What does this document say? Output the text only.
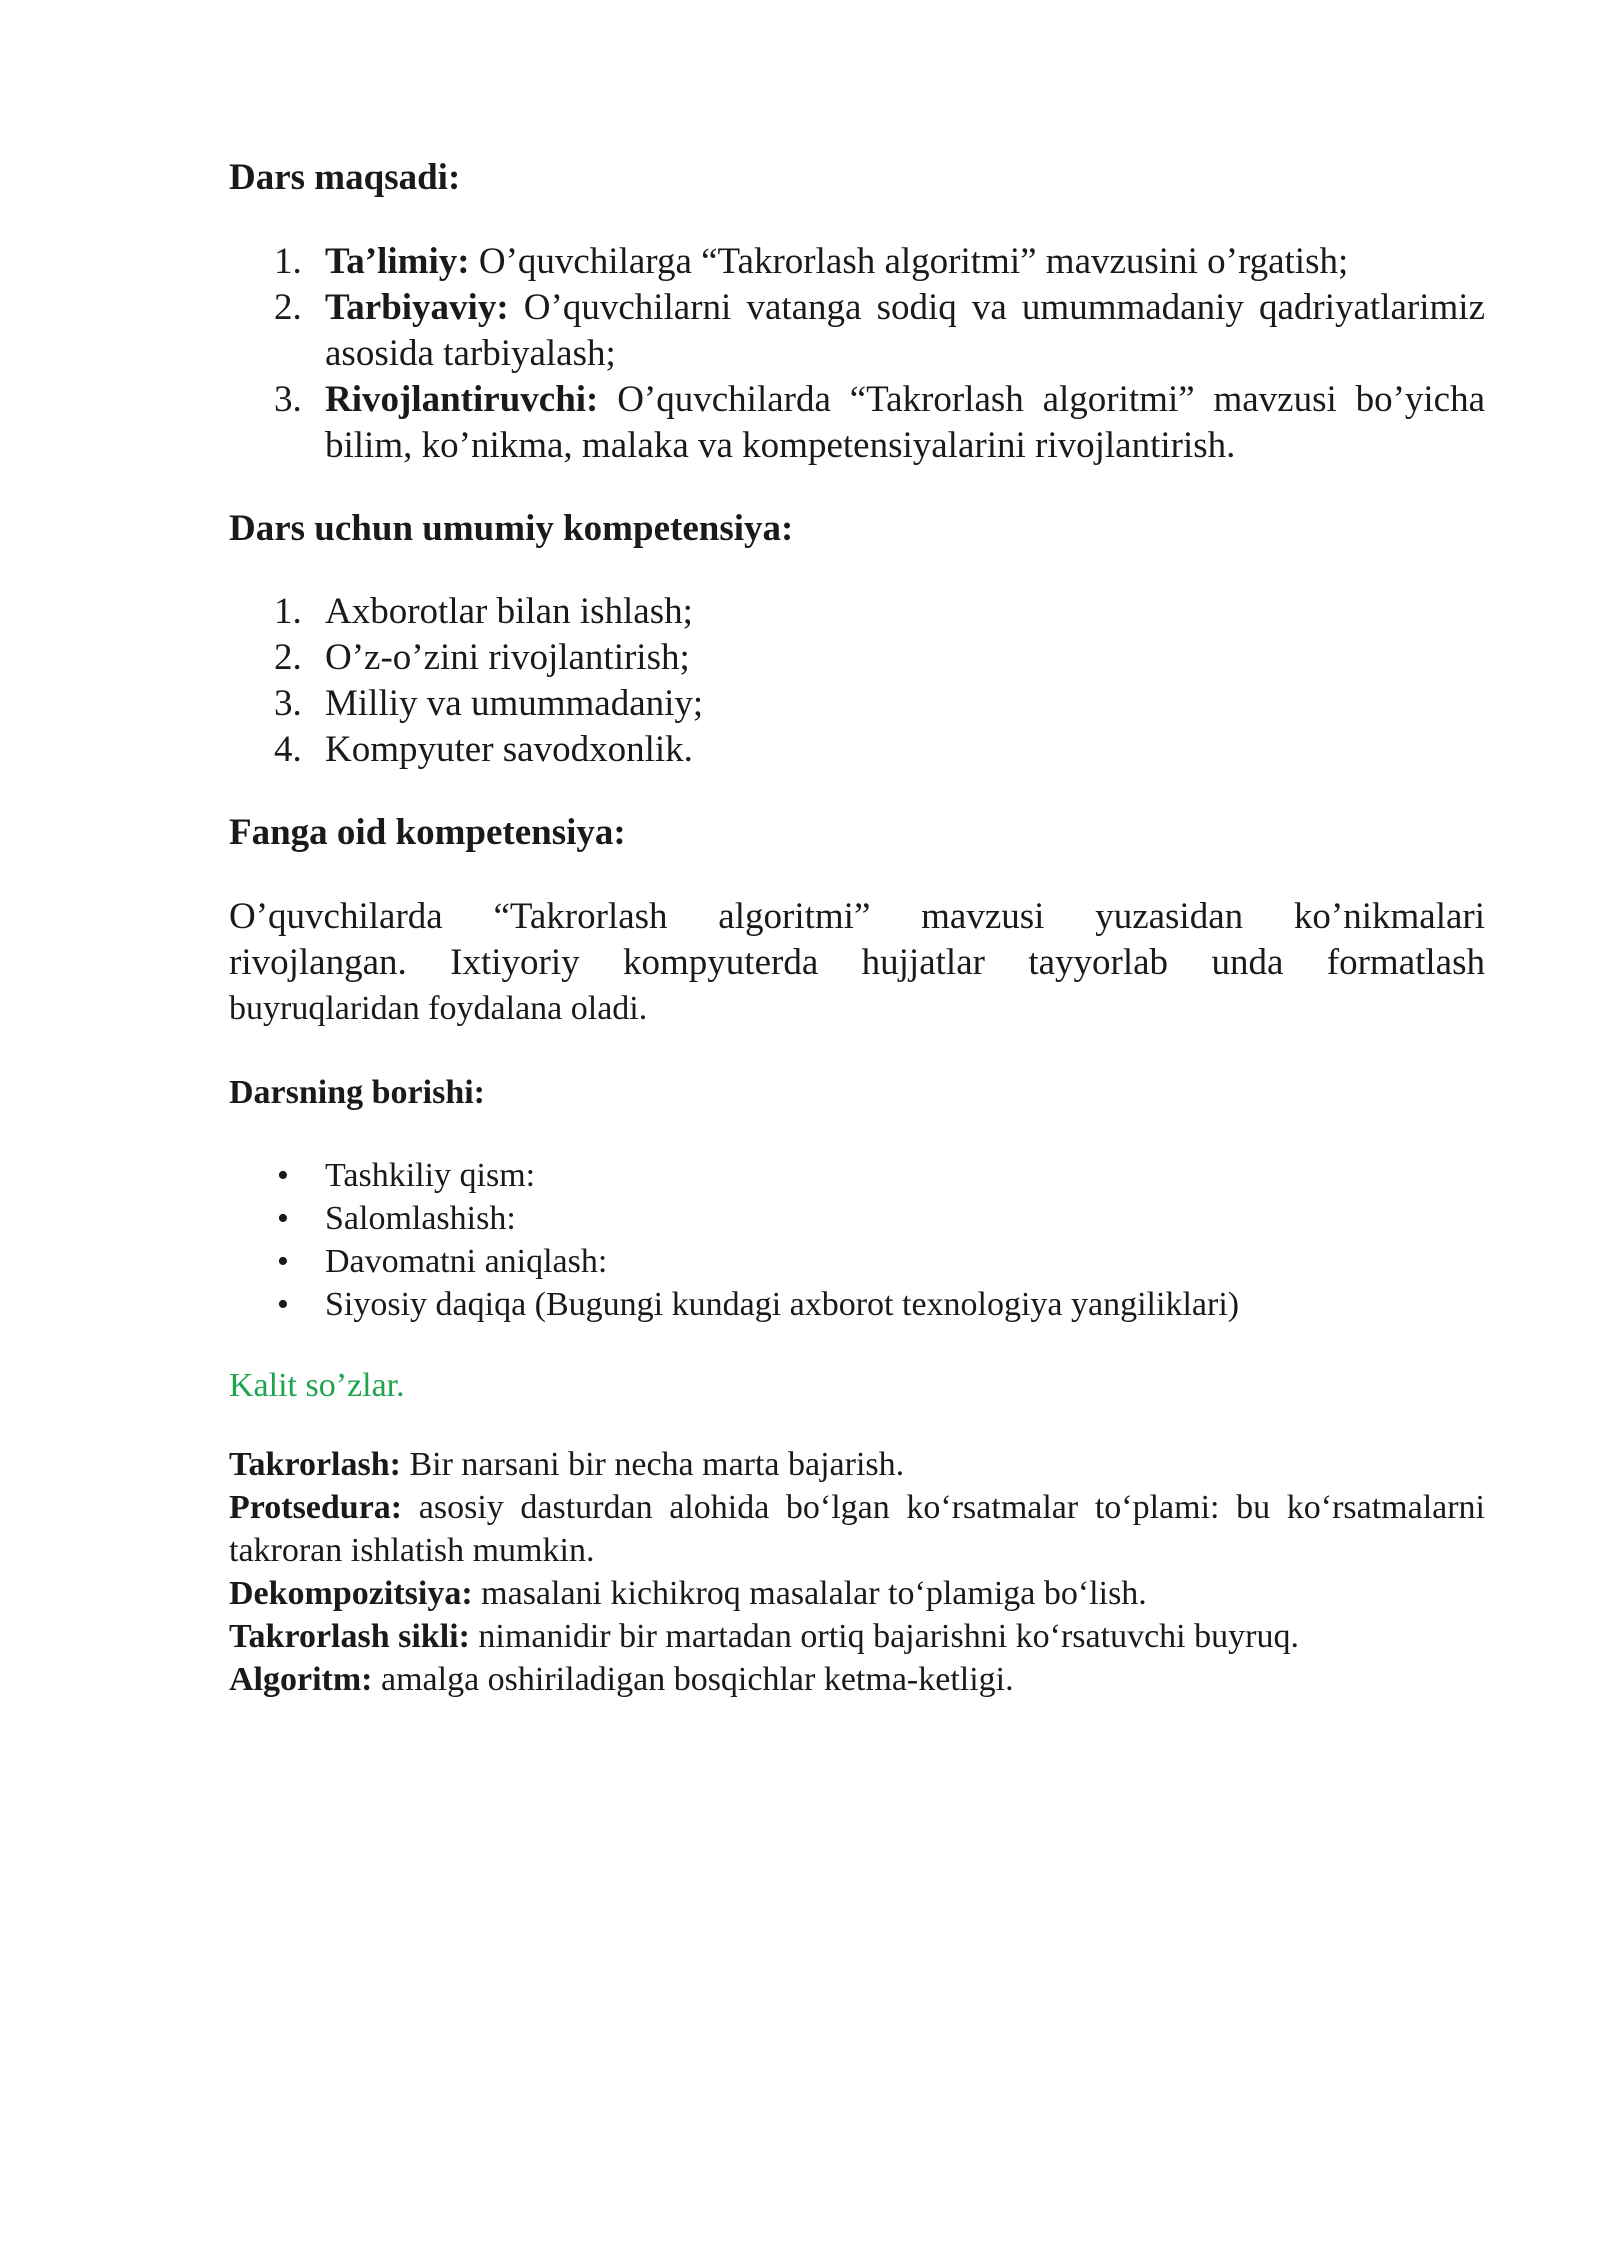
Dars maqsadi:

1. Ta’limiy: O’quvchilarga “Takrorlash algoritmi” mavzusini o’rgatish;
2. Tarbiyaviy: O’quvchilarni vatanga sodiq va umummadaniy qadriyatlarimiz asosida tarbiyalash;
3. Rivojlantiruvchi: O’quvchilarda “Takrorlash algoritmi” mavzusi bo’yicha bilim, ko’nikma, malaka va kompetensiyalarini rivojlantirish.

Dars uchun umumiy kompetensiya:

1. Axborotlar bilan ishlash;
2. O’z-o’zini rivojlantirish;
3. Milliy va umummadaniy;
4. Kompyuter savodxonlik.

Fanga oid kompetensiya:

O’quvchilarda “Takrorlash algoritmi” mavzusi yuzasidan ko’nikmalari
rivojlangan. Ixtiyoriy kompyuterda hujjatlar tayyorlab unda formatlash
buyruqlaridan foydalana oladi.

Darsning borishi:

• Tashkiliy qism:
• Salomlashish:
• Davomatni aniqlash:
• Siyosiy daqiqa (Bugungi kundagi axborot texnologiya yangiliklari)

Kalit so’zlar.

Takrorlash: Bir narsani bir necha marta bajarish.
Protsedura: asosiy dasturdan alohida bo‘lgan ko‘rsatmalar to‘plami: bu ko‘rsatmalarni takroran ishlatish mumkin.
Dekompozitsiya: masalani kichikroq masalalar to‘plamiga bo‘lish.
Takrorlash sikli: nimanidir bir martadan ortiq bajarishni ko‘rsatuvchi buyruq.
Algoritm: amalga oshiriladigan bosqichlar ketma-ketligi.
